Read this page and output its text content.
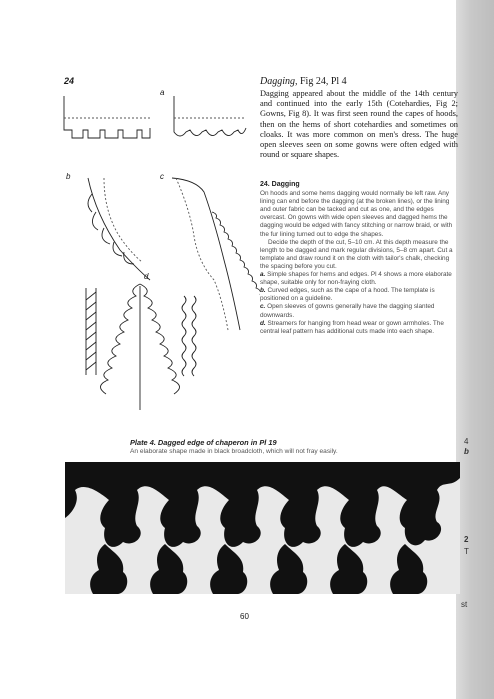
4
b
2
T
st
24
a
b	c
d
Dagging, Fig 24, Pl 4
Dagging appeared about the middle of the 14th century and continued into the early 15th (Cotehardies, Fig 2; Gowns, Fig 8). It was first seen round the capes of hoods, then on the hems of short cotehardies and sometimes on cloaks. It was more common on men's dress. The huge open sleeves seen on some gowns were often edged with round or square shapes.
24. Dagging
On hoods and some hems dagging would normally be left raw. Any lining can end before the dagging (at the broken lines), or the lining and outer fabric can be tacked and cut as one, and the edges overcast. On gowns with wide open sleeves and dagged hems the dagging would be edged with fancy stitching or narrow braid, or with the fur lining turned out to edge the shapes.
Decide the depth of the cut, 5–10 cm. At this depth measure the length to be dagged and mark regular divisions, 5–8 cm apart. Cut a template and draw round it on the cloth with tailor's chalk, checking the spacing before you cut.
a. Simple shapes for hems and edges. Pl 4 shows a more elaborate shape, suitable only for non-fraying cloth.
b. Curved edges, such as the cape of a hood. The template is positioned on a guideline.
c. Open sleeves of gowns generally have the dagging slanted downwards.
d. Streamers for hanging from head wear or gown armholes. The central leaf pattern has additional cuts made into each shape.
Plate 4. Dagged edge of chaperon in Pl 19
An elaborate shape made in black broadcloth, which will not fray easily.
60
